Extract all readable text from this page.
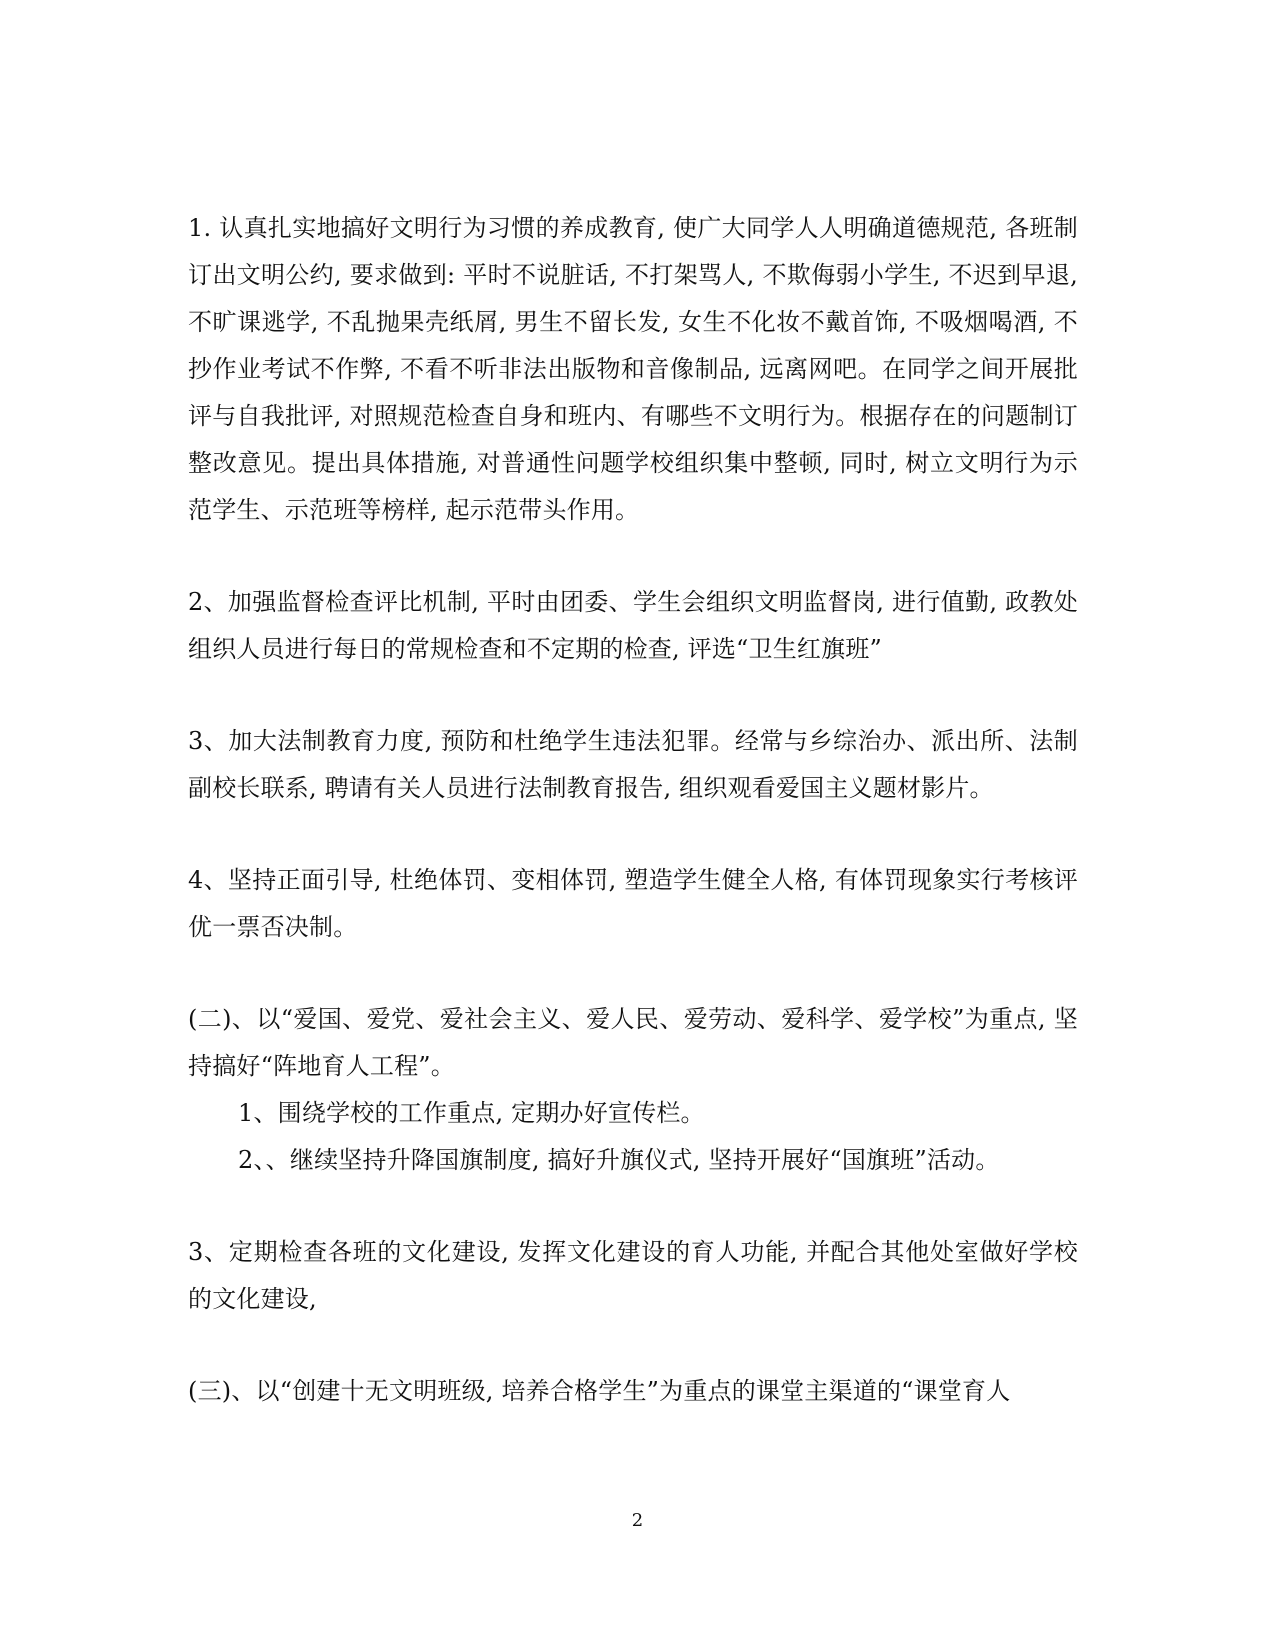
1. 认真扎实地搞好文明行为习惯的养成教育, 使广大同学人人明确道德规范, 各班制订出文明公约, 要求做到: 平时不说脏话, 不打架骂人, 不欺侮弱小学生, 不迟到早退, 不旷课逃学, 不乱抛果壳纸屑, 男生不留长发, 女生不化妆不戴首饰, 不吸烟喝酒, 不抄作业考试不作弊, 不看不听非法出版物和音像制品, 远离网吧。在同学之间开展批评与自我批评, 对照规范检查自身和班内、有哪些不文明行为。根据存在的问题制订整改意见。提出具体措施, 对普通性问题学校组织集中整顿, 同时, 树立文明行为示范学生、示范班等榜样, 起示范带头作用。

2、加强监督检查评比机制, 平时由团委、学生会组织文明监督岗, 进行值勤, 政教处组织人员进行每日的常规检查和不定期的检查, 评选“卫生红旗班”

3、加大法制教育力度, 预防和杜绝学生违法犯罪。经常与乡综治办、派出所、法制副校长联系, 聘请有关人员进行法制教育报告, 组织观看爱国主义题材影片。

4、坚持正面引导, 杜绝体罚、变相体罚, 塑造学生健全人格, 有体罚现象实行考核评优一票否决制。

(二)、以“爱国、爱党、爱社会主义、爱人民、爱劳动、爱科学、爱学校”为重点, 坚持搞好“阵地育人工程”。

1、围绕学校的工作重点, 定期办好宣传栏。

2、、继续坚持升降国旗制度, 搞好升旗仪式, 坚持开展好“国旗班”活动。

3、定期检查各班的文化建设, 发挥文化建设的育人功能, 并配合其他处室做好学校的文化建设,

(三)、以“创建十无文明班级, 培养合格学生”为重点的课堂主渠道的“课堂育人

2
